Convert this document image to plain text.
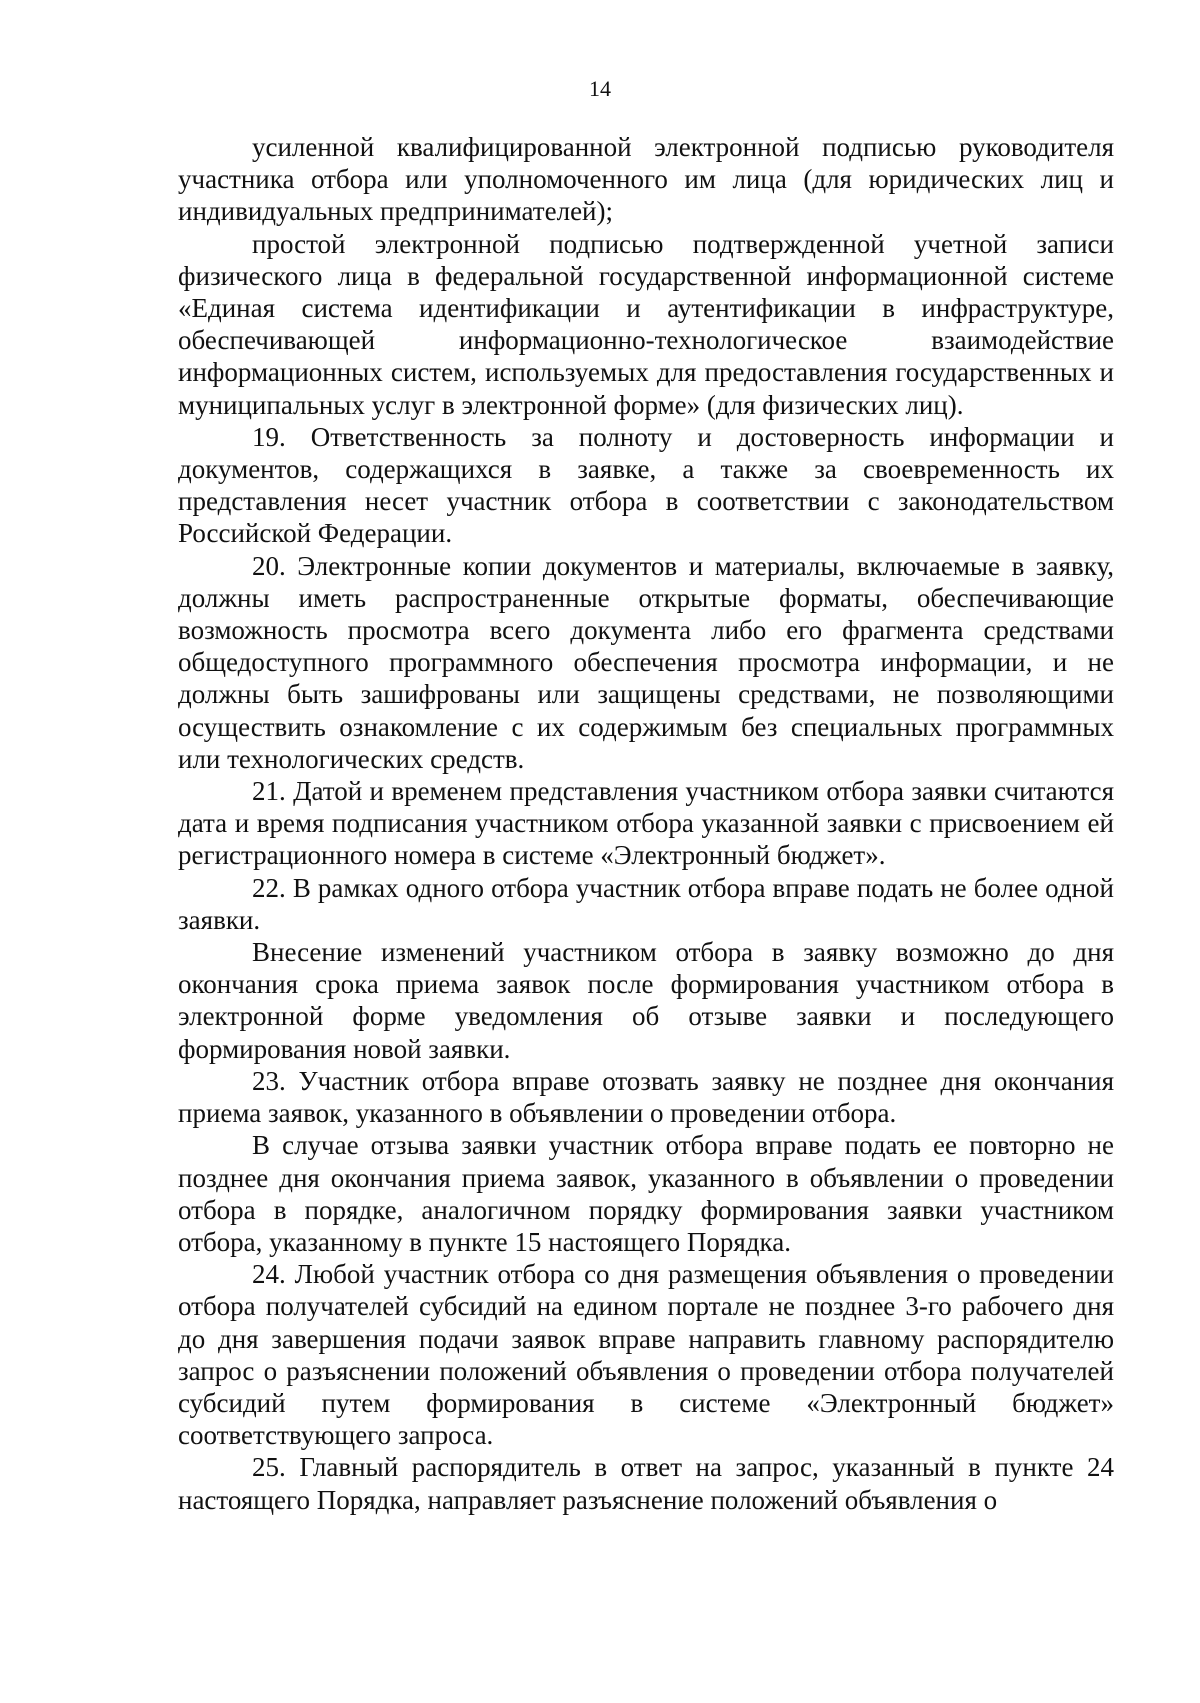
14

усиленной квалифицированной электронной подписью руководителя участника отбора или уполномоченного им лица (для юридических лиц и индивидуальных предпринимателей);

простой электронной подписью подтвержденной учетной записи физического лица в федеральной государственной информационной системе «Единая система идентификации и аутентификации в инфраструктуре, обеспечивающей информационно-технологическое взаимодействие информационных систем, используемых для предоставления государственных и муниципальных услуг в электронной форме» (для физических лиц).

19. Ответственность за полноту и достоверность информации и документов, содержащихся в заявке, а также за своевременность их представления несет участник отбора в соответствии с законодательством Российской Федерации.

20. Электронные копии документов и материалы, включаемые в заявку, должны иметь распространенные открытые форматы, обеспечивающие возможность просмотра всего документа либо его фрагмента средствами общедоступного программного обеспечения просмотра информации, и не должны быть зашифрованы или защищены средствами, не позволяющими осуществить ознакомление с их содержимым без специальных программных или технологических средств.

21. Датой и временем представления участником отбора заявки считаются дата и время подписания участником отбора указанной заявки с присвоением ей регистрационного номера в системе «Электронный бюджет».

22. В рамках одного отбора участник отбора вправе подать не более одной заявки.

Внесение изменений участником отбора в заявку возможно до дня окончания срока приема заявок после формирования участником отбора в электронной форме уведомления об отзыве заявки и последующего формирования новой заявки.

23. Участник отбора вправе отозвать заявку не позднее дня окончания приема заявок, указанного в объявлении о проведении отбора.

В случае отзыва заявки участник отбора вправе подать ее повторно не позднее дня окончания приема заявок, указанного в объявлении о проведении отбора в порядке, аналогичном порядку формирования заявки участником отбора, указанному в пункте 15 настоящего Порядка.

24. Любой участник отбора со дня размещения объявления о проведении отбора получателей субсидий на едином портале не позднее 3-го рабочего дня до дня завершения подачи заявок вправе направить главному распорядителю запрос о разъяснении положений объявления о проведении отбора получателей субсидий путем формирования в системе «Электронный бюджет» соответствующего запроса.

25. Главный распорядитель в ответ на запрос, указанный в пункте 24 настоящего Порядка, направляет разъяснение положений объявления о
